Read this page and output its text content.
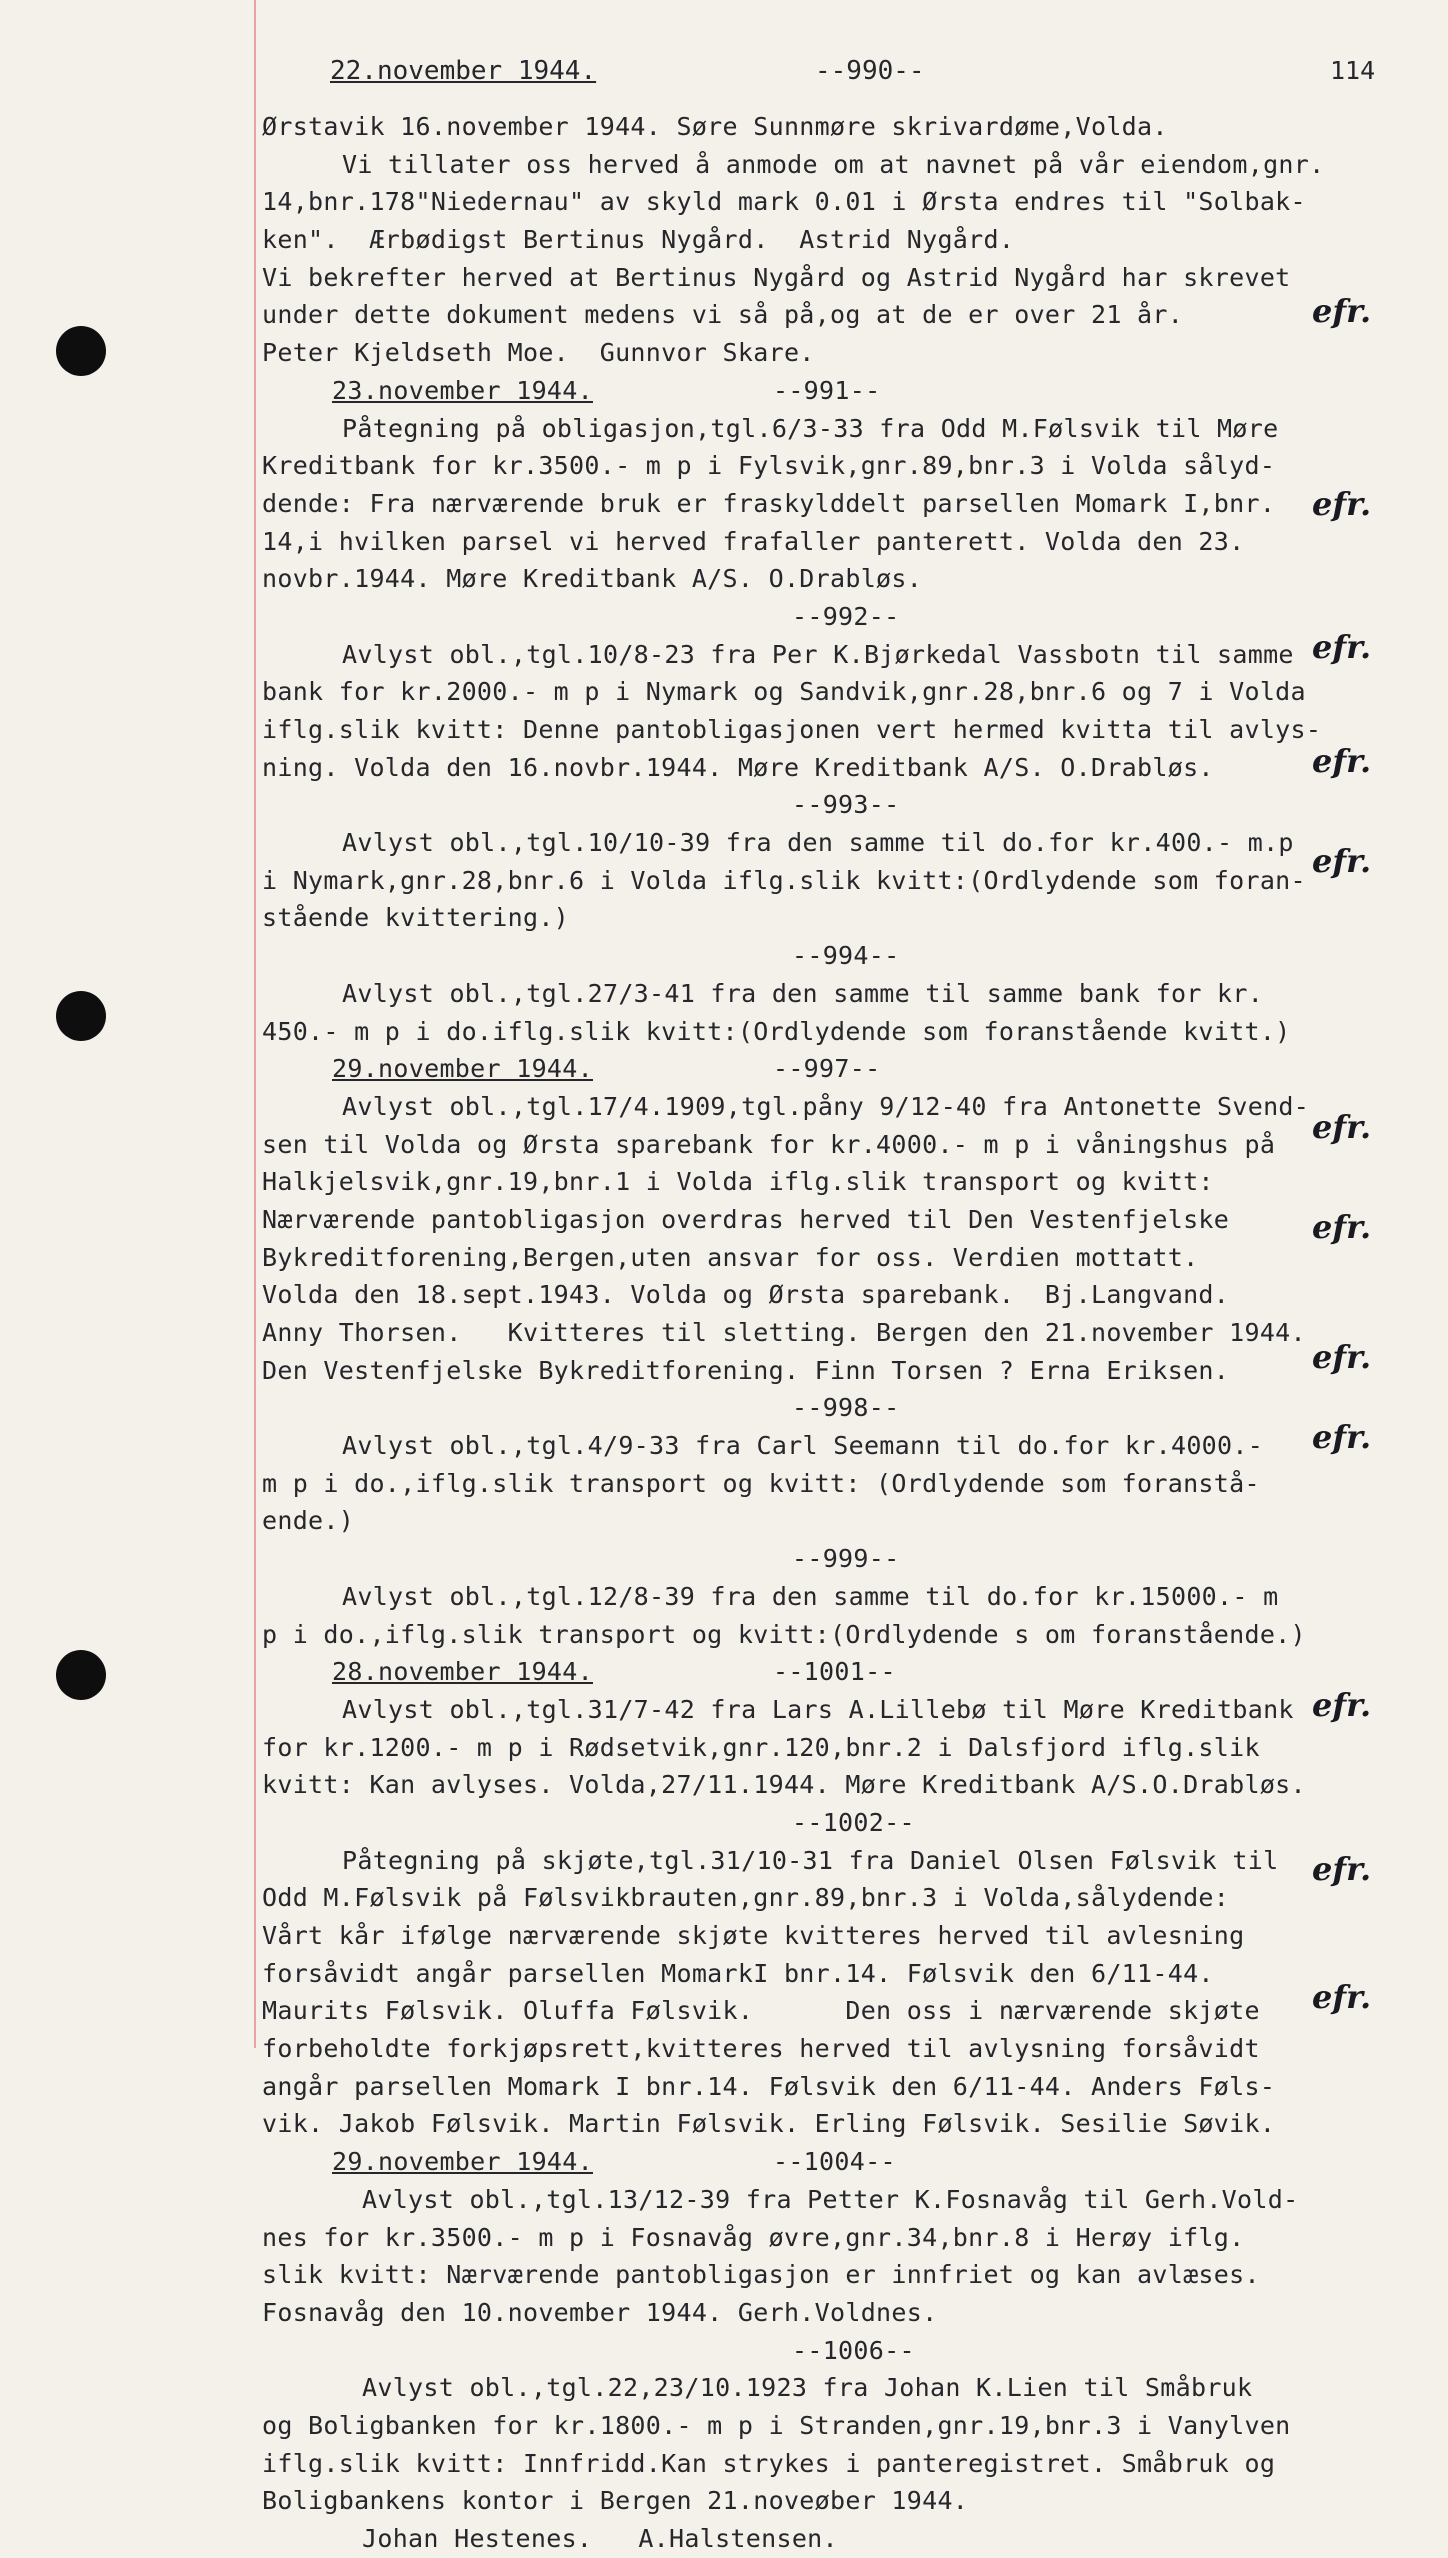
22.november 1944.	--990--	114
Ørstavik 16.november 1944. Søre Sunnmøre skrivardøme,Volda.
Vi tillater oss herved å anmode om at navnet på vår eiendom,gnr.
14,bnr.178"Niedernau" av skyld mark 0.01 i Ørsta endres til "Solbak-
ken".  Ærbødigst Bertinus Nygård.  Astrid Nygård.
Vi bekrefter herved at Bertinus Nygård og Astrid Nygård har skrevet
under dette dokument medens vi så på,og at de er over 21 år.
Peter Kjeldseth Moe.  Gunnvor Skare.
23.november 1944.	--991--
Påtegning på obligasjon,tgl.6/3-33 fra Odd M.Følsvik til Møre
Kreditbank for kr.3500.- m p i Fylsvik,gnr.89,bnr.3 i Volda sålyd-
dende: Fra nærværende bruk er fraskylddelt parsellen Momark I,bnr.
14,i hvilken parsel vi herved frafaller panterett. Volda den 23.
novbr.1944. Møre Kreditbank A/S. O.Drabløs.
--992--
Avlyst obl.,tgl.10/8-23 fra Per K.Bjørkedal Vassbotn til samme
bank for kr.2000.- m p i Nymark og Sandvik,gnr.28,bnr.6 og 7 i Volda
iflg.slik kvitt: Denne pantobligasjonen vert hermed kvitta til avlys-
ning. Volda den 16.novbr.1944. Møre Kreditbank A/S. O.Drabløs.
--993--
Avlyst obl.,tgl.10/10-39 fra den samme til do.for kr.400.- m.p
i Nymark,gnr.28,bnr.6 i Volda iflg.slik kvitt:(Ordlydende som foran-
stående kvittering.)
--994--
Avlyst obl.,tgl.27/3-41 fra den samme til samme bank for kr.
450.- m p i do.iflg.slik kvitt:(Ordlydende som foranstående kvitt.)
29.november 1944.	--997--
Avlyst obl.,tgl.17/4.1909,tgl.påny 9/12-40 fra Antonette Svend-
sen til Volda og Ørsta sparebank for kr.4000.- m p i våningshus på
Halkjelsvik,gnr.19,bnr.1 i Volda iflg.slik transport og kvitt:
Nærværende pantobligasjon overdras herved til Den Vestenfjelske
Bykreditforening,Bergen,uten ansvar for oss. Verdien mottatt.
Volda den 18.sept.1943. Volda og Ørsta sparebank.  Bj.Langvand.
Anny Thorsen.   Kvitteres til sletting. Bergen den 21.november 1944.
Den Vestenfjelske Bykreditforening. Finn Torsen ? Erna Eriksen.
--998--
Avlyst obl.,tgl.4/9-33 fra Carl Seemann til do.for kr.4000.-
m p i do.,iflg.slik transport og kvitt: (Ordlydende som foranstå-
ende.)
--999--
Avlyst obl.,tgl.12/8-39 fra den samme til do.for kr.15000.- m
p i do.,iflg.slik transport og kvitt:(Ordlydende s om foranstående.)
28.november 1944.	--1001--
Avlyst obl.,tgl.31/7-42 fra Lars A.Lillebø til Møre Kreditbank
for kr.1200.- m p i Rødsetvik,gnr.120,bnr.2 i Dalsfjord iflg.slik
kvitt: Kan avlyses. Volda,27/11.1944. Møre Kreditbank A/S.O.Drabløs.
--1002--
Påtegning på skjøte,tgl.31/10-31 fra Daniel Olsen Følsvik til
Odd M.Følsvik på Følsvikbrauten,gnr.89,bnr.3 i Volda,sålydende:
Vårt kår ifølge nærværende skjøte kvitteres herved til avlesning
forsåvidt angår parsellen MomarkI bnr.14. Følsvik den 6/11-44.
Maurits Følsvik. Oluffa Følsvik.      Den oss i nærværende skjøte
forbeholdte forkjøpsrett,kvitteres herved til avlysning forsåvidt
angår parsellen Momark I bnr.14. Følsvik den 6/11-44. Anders Føls-
vik. Jakob Følsvik. Martin Følsvik. Erling Følsvik. Sesilie Søvik.
29.november 1944.	--1004--
Avlyst obl.,tgl.13/12-39 fra Petter K.Fosnavåg til Gerh.Vold-
nes for kr.3500.- m p i Fosnavåg øvre,gnr.34,bnr.8 i Herøy iflg.
slik kvitt: Nærværende pantobligasjon er innfriet og kan avlæses.
Fosnavåg den 10.november 1944. Gerh.Voldnes.
--1006--
Avlyst obl.,tgl.22,23/10.1923 fra Johan K.Lien til Småbruk
og Boligbanken for kr.1800.- m p i Stranden,gnr.19,bnr.3 i Vanylven
iflg.slik kvitt: Innfridd.Kan strykes i panteregistret. Småbruk og
Boligbankens kontor i Bergen 21.noveøber 1944.
Johan Hestenes.   A.Halstensen.
efr.
efr.
efr.
efr.
efr.
efr.
efr.
efr.
efr.
efr.
efr.
efr.
